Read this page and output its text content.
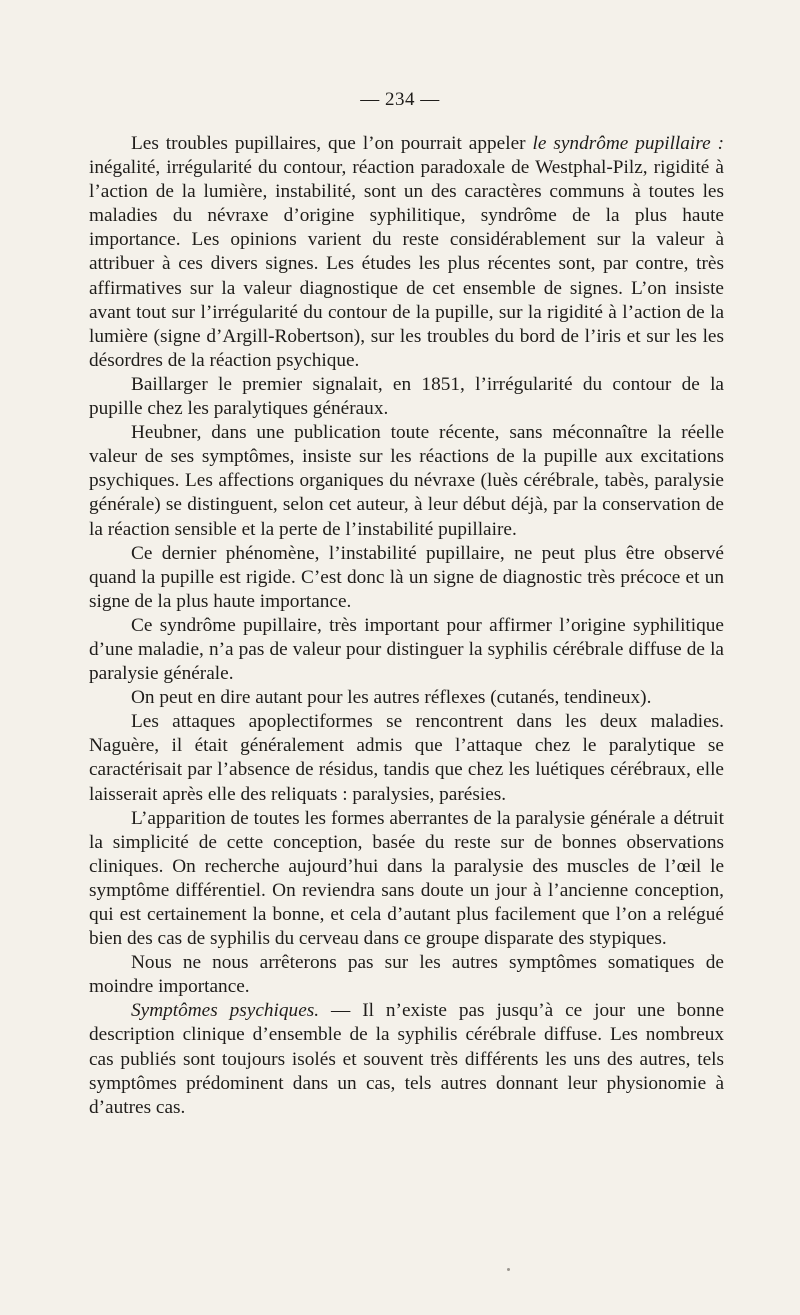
— 234 —

Les troubles pupillaires, que l’on pourrait appeler le syndrôme pupillaire : inégalité, irrégularité du contour, réaction paradoxale de Westphal-Pilz, rigidité à l’action de la lumière, instabilité, sont un des caractères communs à toutes les maladies du névraxe d’origine syphilitique, syndrôme de la plus haute importance. Les opinions varient du reste considérablement sur la valeur à attribuer à ces divers signes. Les études les plus récentes sont, par contre, très affirmatives sur la valeur diagnostique de cet ensemble de signes. L’on insiste avant tout sur l’irrégularité du contour de la pupille, sur la rigidité à l’action de la lumière (signe d’Argill-Robertson), sur les troubles du bord de l’iris et sur les les désordres de la réaction psychique.

Baillarger le premier signalait, en 1851, l’irrégularité du contour de la pupille chez les paralytiques généraux.

Heubner, dans une publication toute récente, sans méconnaître la réelle valeur de ses symptômes, insiste sur les réactions de la pupille aux excitations psychiques. Les affections organiques du névraxe (luès cérébrale, tabès, paralysie générale) se distinguent, selon cet auteur, à leur début déjà, par la conservation de la réaction sensible et la perte de l’instabilité pupillaire.

Ce dernier phénomène, l’instabilité pupillaire, ne peut plus être observé quand la pupille est rigide. C’est donc là un signe de diagnostic très précoce et un signe de la plus haute importance.

Ce syndrôme pupillaire, très important pour affirmer l’origine syphilitique d’une maladie, n’a pas de valeur pour distinguer la syphilis cérébrale diffuse de la paralysie générale.

On peut en dire autant pour les autres réflexes (cutanés, tendineux).

Les attaques apoplectiformes se rencontrent dans les deux maladies. Naguère, il était généralement admis que l’attaque chez le paralytique se caractérisait par l’absence de résidus, tandis que chez les luétiques cérébraux, elle laisserait après elle des reliquats : paralysies, parésies.

L’apparition de toutes les formes aberrantes de la paralysie générale a détruit la simplicité de cette conception, basée du reste sur de bonnes observations cliniques. On recherche aujourd’hui dans la paralysie des muscles de l’œil le symptôme différentiel. On reviendra sans doute un jour à l’ancienne conception, qui est certainement la bonne, et cela d’autant plus facilement que l’on a relégué bien des cas de syphilis du cerveau dans ce groupe disparate des stypiques.

Nous ne nous arrêterons pas sur les autres symptômes somatiques de moindre importance.

Symptômes psychiques. — Il n’existe pas jusqu’à ce jour une bonne description clinique d’ensemble de la syphilis cérébrale diffuse. Les nombreux cas publiés sont toujours isolés et souvent très différents les uns des autres, tels symptômes prédominent dans un cas, tels autres donnant leur physionomie à d’autres cas.
